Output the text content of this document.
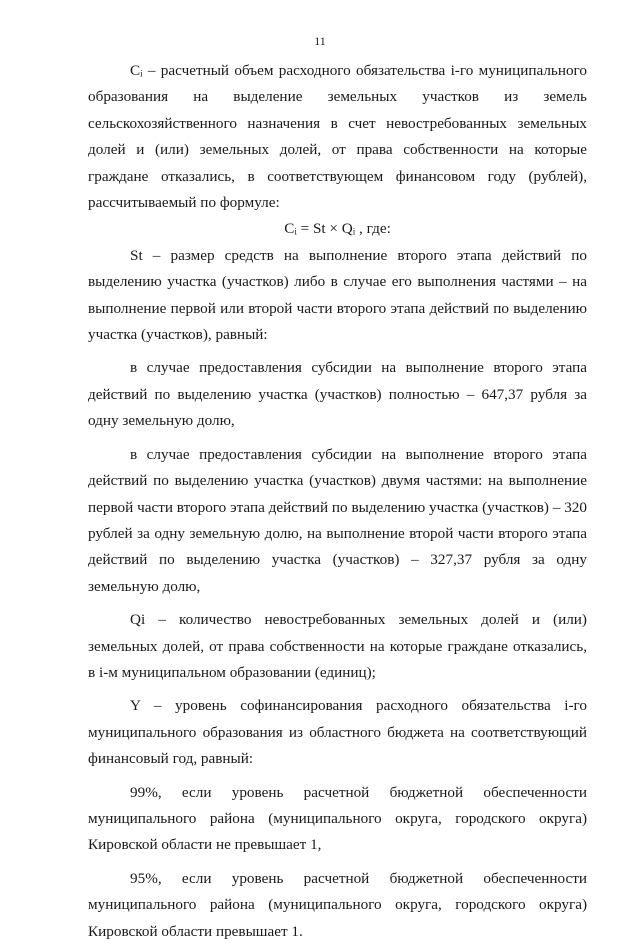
11

Cᵢ – расчетный объем расходного обязательства i-го муниципального образования на выделение земельных участков из земель сельскохозяйственного назначения в счет невостребованных земельных долей и (или) земельных долей, от права собственности на которые граждане отказались, в соответствующем финансовом году (рублей), рассчитываемый по формуле:

Cᵢ = St × Qᵢ , где:

St – размер средств на выполнение второго этапа действий по выделению участка (участков) либо в случае его выполнения частями – на выполнение первой или второй части второго этапа действий по выделению участка (участков), равный:

в случае предоставления субсидии на выполнение второго этапа действий по выделению участка (участков) полностью – 647,37 рубля за одну земельную долю,

в случае предоставления субсидии на выполнение второго этапа действий по выделению участка (участков) двумя частями: на выполнение первой части второго этапа действий по выделению участка (участков) – 320 рублей за одну земельную долю, на выполнение второй части второго этапа действий по выделению участка (участков) – 327,37 рубля за одну земельную долю,

Qi – количество невостребованных земельных долей и (или) земельных долей, от права собственности на которые граждане отказались, в i-м муниципальном образовании (единиц);

Y – уровень софинансирования расходного обязательства i-го муниципального образования из областного бюджета на соответствующий финансовый год, равный:

99%, если уровень расчетной бюджетной обеспеченности муниципального района (муниципального округа, городского округа) Кировской области не превышает 1,

95%, если уровень расчетной бюджетной обеспеченности муниципального района (муниципального округа, городского округа) Кировской области превышает 1.
